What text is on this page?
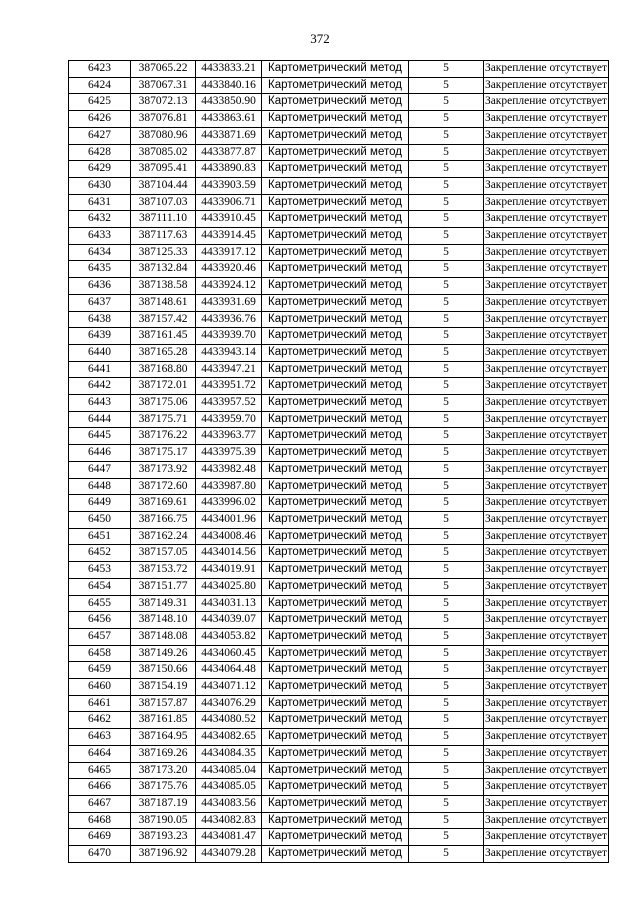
372
6423	387065.22	4433833.21	Картометрический метод	5	Закрепление отсутствует
6424	387067.31	4433840.16	Картометрический метод	5	Закрепление отсутствует
6425	387072.13	4433850.90	Картометрический метод	5	Закрепление отсутствует
6426	387076.81	4433863.61	Картометрический метод	5	Закрепление отсутствует
6427	387080.96	4433871.69	Картометрический метод	5	Закрепление отсутствует
6428	387085.02	4433877.87	Картометрический метод	5	Закрепление отсутствует
6429	387095.41	4433890.83	Картометрический метод	5	Закрепление отсутствует
6430	387104.44	4433903.59	Картометрический метод	5	Закрепление отсутствует
6431	387107.03	4433906.71	Картометрический метод	5	Закрепление отсутствует
6432	387111.10	4433910.45	Картометрический метод	5	Закрепление отсутствует
6433	387117.63	4433914.45	Картометрический метод	5	Закрепление отсутствует
6434	387125.33	4433917.12	Картометрический метод	5	Закрепление отсутствует
6435	387132.84	4433920.46	Картометрический метод	5	Закрепление отсутствует
6436	387138.58	4433924.12	Картометрический метод	5	Закрепление отсутствует
6437	387148.61	4433931.69	Картометрический метод	5	Закрепление отсутствует
6438	387157.42	4433936.76	Картометрический метод	5	Закрепление отсутствует
6439	387161.45	4433939.70	Картометрический метод	5	Закрепление отсутствует
6440	387165.28	4433943.14	Картометрический метод	5	Закрепление отсутствует
6441	387168.80	4433947.21	Картометрический метод	5	Закрепление отсутствует
6442	387172.01	4433951.72	Картометрический метод	5	Закрепление отсутствует
6443	387175.06	4433957.52	Картометрический метод	5	Закрепление отсутствует
6444	387175.71	4433959.70	Картометрический метод	5	Закрепление отсутствует
6445	387176.22	4433963.77	Картометрический метод	5	Закрепление отсутствует
6446	387175.17	4433975.39	Картометрический метод	5	Закрепление отсутствует
6447	387173.92	4433982.48	Картометрический метод	5	Закрепление отсутствует
6448	387172.60	4433987.80	Картометрический метод	5	Закрепление отсутствует
6449	387169.61	4433996.02	Картометрический метод	5	Закрепление отсутствует
6450	387166.75	4434001.96	Картометрический метод	5	Закрепление отсутствует
6451	387162.24	4434008.46	Картометрический метод	5	Закрепление отсутствует
6452	387157.05	4434014.56	Картометрический метод	5	Закрепление отсутствует
6453	387153.72	4434019.91	Картометрический метод	5	Закрепление отсутствует
6454	387151.77	4434025.80	Картометрический метод	5	Закрепление отсутствует
6455	387149.31	4434031.13	Картометрический метод	5	Закрепление отсутствует
6456	387148.10	4434039.07	Картометрический метод	5	Закрепление отсутствует
6457	387148.08	4434053.82	Картометрический метод	5	Закрепление отсутствует
6458	387149.26	4434060.45	Картометрический метод	5	Закрепление отсутствует
6459	387150.66	4434064.48	Картометрический метод	5	Закрепление отсутствует
6460	387154.19	4434071.12	Картометрический метод	5	Закрепление отсутствует
6461	387157.87	4434076.29	Картометрический метод	5	Закрепление отсутствует
6462	387161.85	4434080.52	Картометрический метод	5	Закрепление отсутствует
6463	387164.95	4434082.65	Картометрический метод	5	Закрепление отсутствует
6464	387169.26	4434084.35	Картометрический метод	5	Закрепление отсутствует
6465	387173.20	4434085.04	Картометрический метод	5	Закрепление отсутствует
6466	387175.76	4434085.05	Картометрический метод	5	Закрепление отсутствует
6467	387187.19	4434083.56	Картометрический метод	5	Закрепление отсутствует
6468	387190.05	4434082.83	Картометрический метод	5	Закрепление отсутствует
6469	387193.23	4434081.47	Картометрический метод	5	Закрепление отсутствует
6470	387196.92	4434079.28	Картометрический метод	5	Закрепление отсутствует
